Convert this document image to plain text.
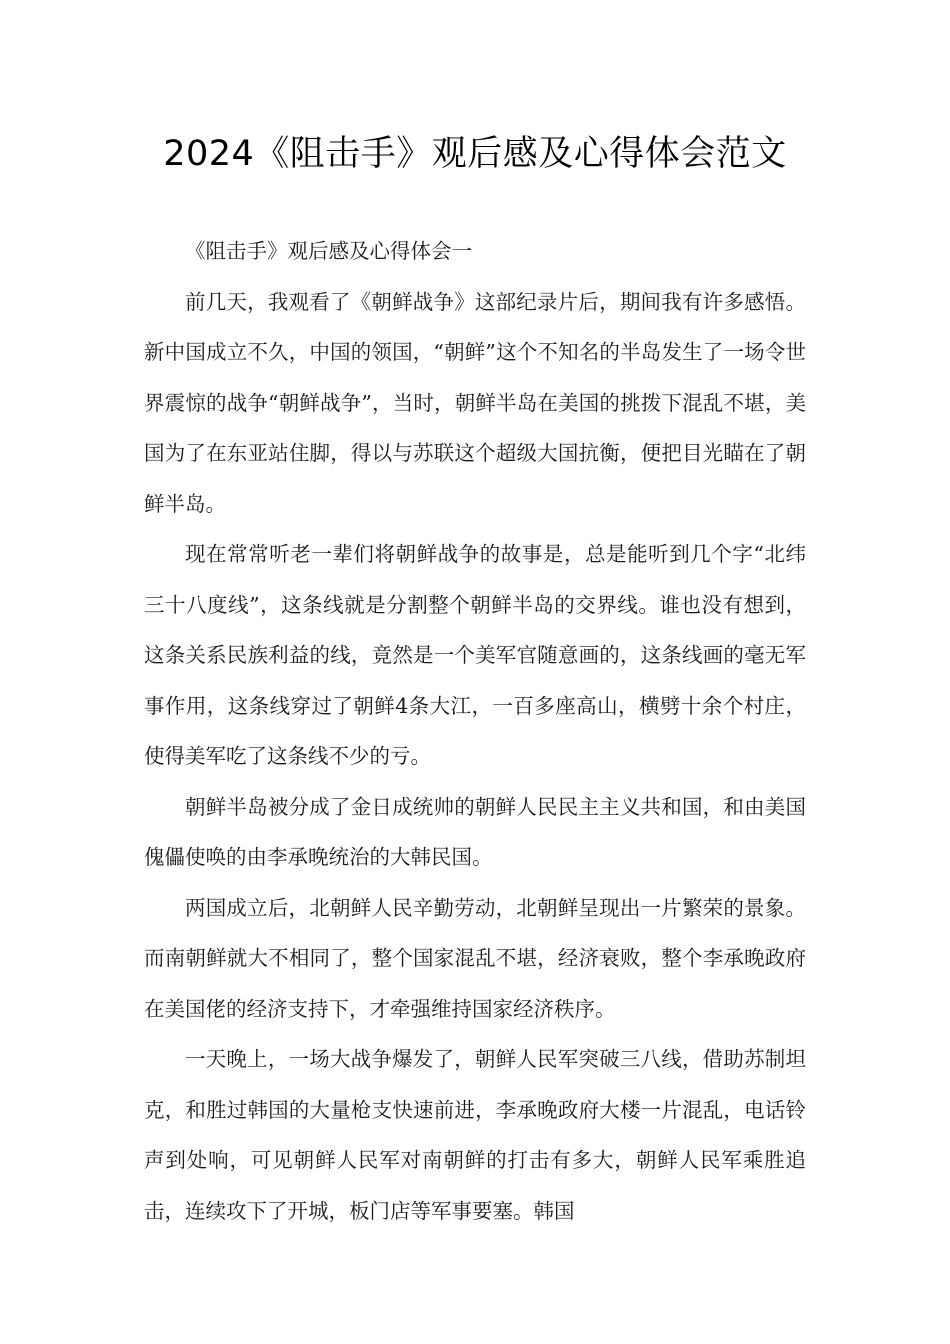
2024《阻击手》观后感及心得体会范文

《阻击手》观后感及心得体会一

前几天，我观看了《朝鲜战争》这部纪录片后，期间我有许多感悟。新中国成立不久，中国的领国，“朝鲜”这个不知名的半岛发生了一场令世界震惊的战争“朝鲜战争”，当时，朝鲜半岛在美国的挑拨下混乱不堪，美国为了在东亚站住脚，得以与苏联这个超级大国抗衡，便把目光瞄在了朝鲜半岛。

现在常常听老一辈们将朝鲜战争的故事是，总是能听到几个字“北纬三十八度线”，这条线就是分割整个朝鲜半岛的交界线。谁也没有想到，这条关系民族利益的线，竟然是一个美军官随意画的，这条线画的毫无军事作用，这条线穿过了朝鲜4条大江，一百多座高山，横劈十余个村庄，使得美军吃了这条线不少的亏。

朝鲜半岛被分成了金日成统帅的朝鲜人民民主主义共和国，和由美国傀儡使唤的由李承晚统治的大韩民国。

两国成立后，北朝鲜人民辛勤劳动，北朝鲜呈现出一片繁荣的景象。而南朝鲜就大不相同了，整个国家混乱不堪，经济衰败，整个李承晚政府在美国佬的经济支持下，才牵强维持国家经济秩序。

一天晚上，一场大战争爆发了，朝鲜人民军突破三八线，借助苏制坦克，和胜过韩国的大量枪支快速前进，李承晚政府大楼一片混乱，电话铃声到处响，可见朝鲜人民军对南朝鲜的打击有多大，朝鲜人民军乘胜追击，连续攻下了开城，板门店等军事要塞。韩国
